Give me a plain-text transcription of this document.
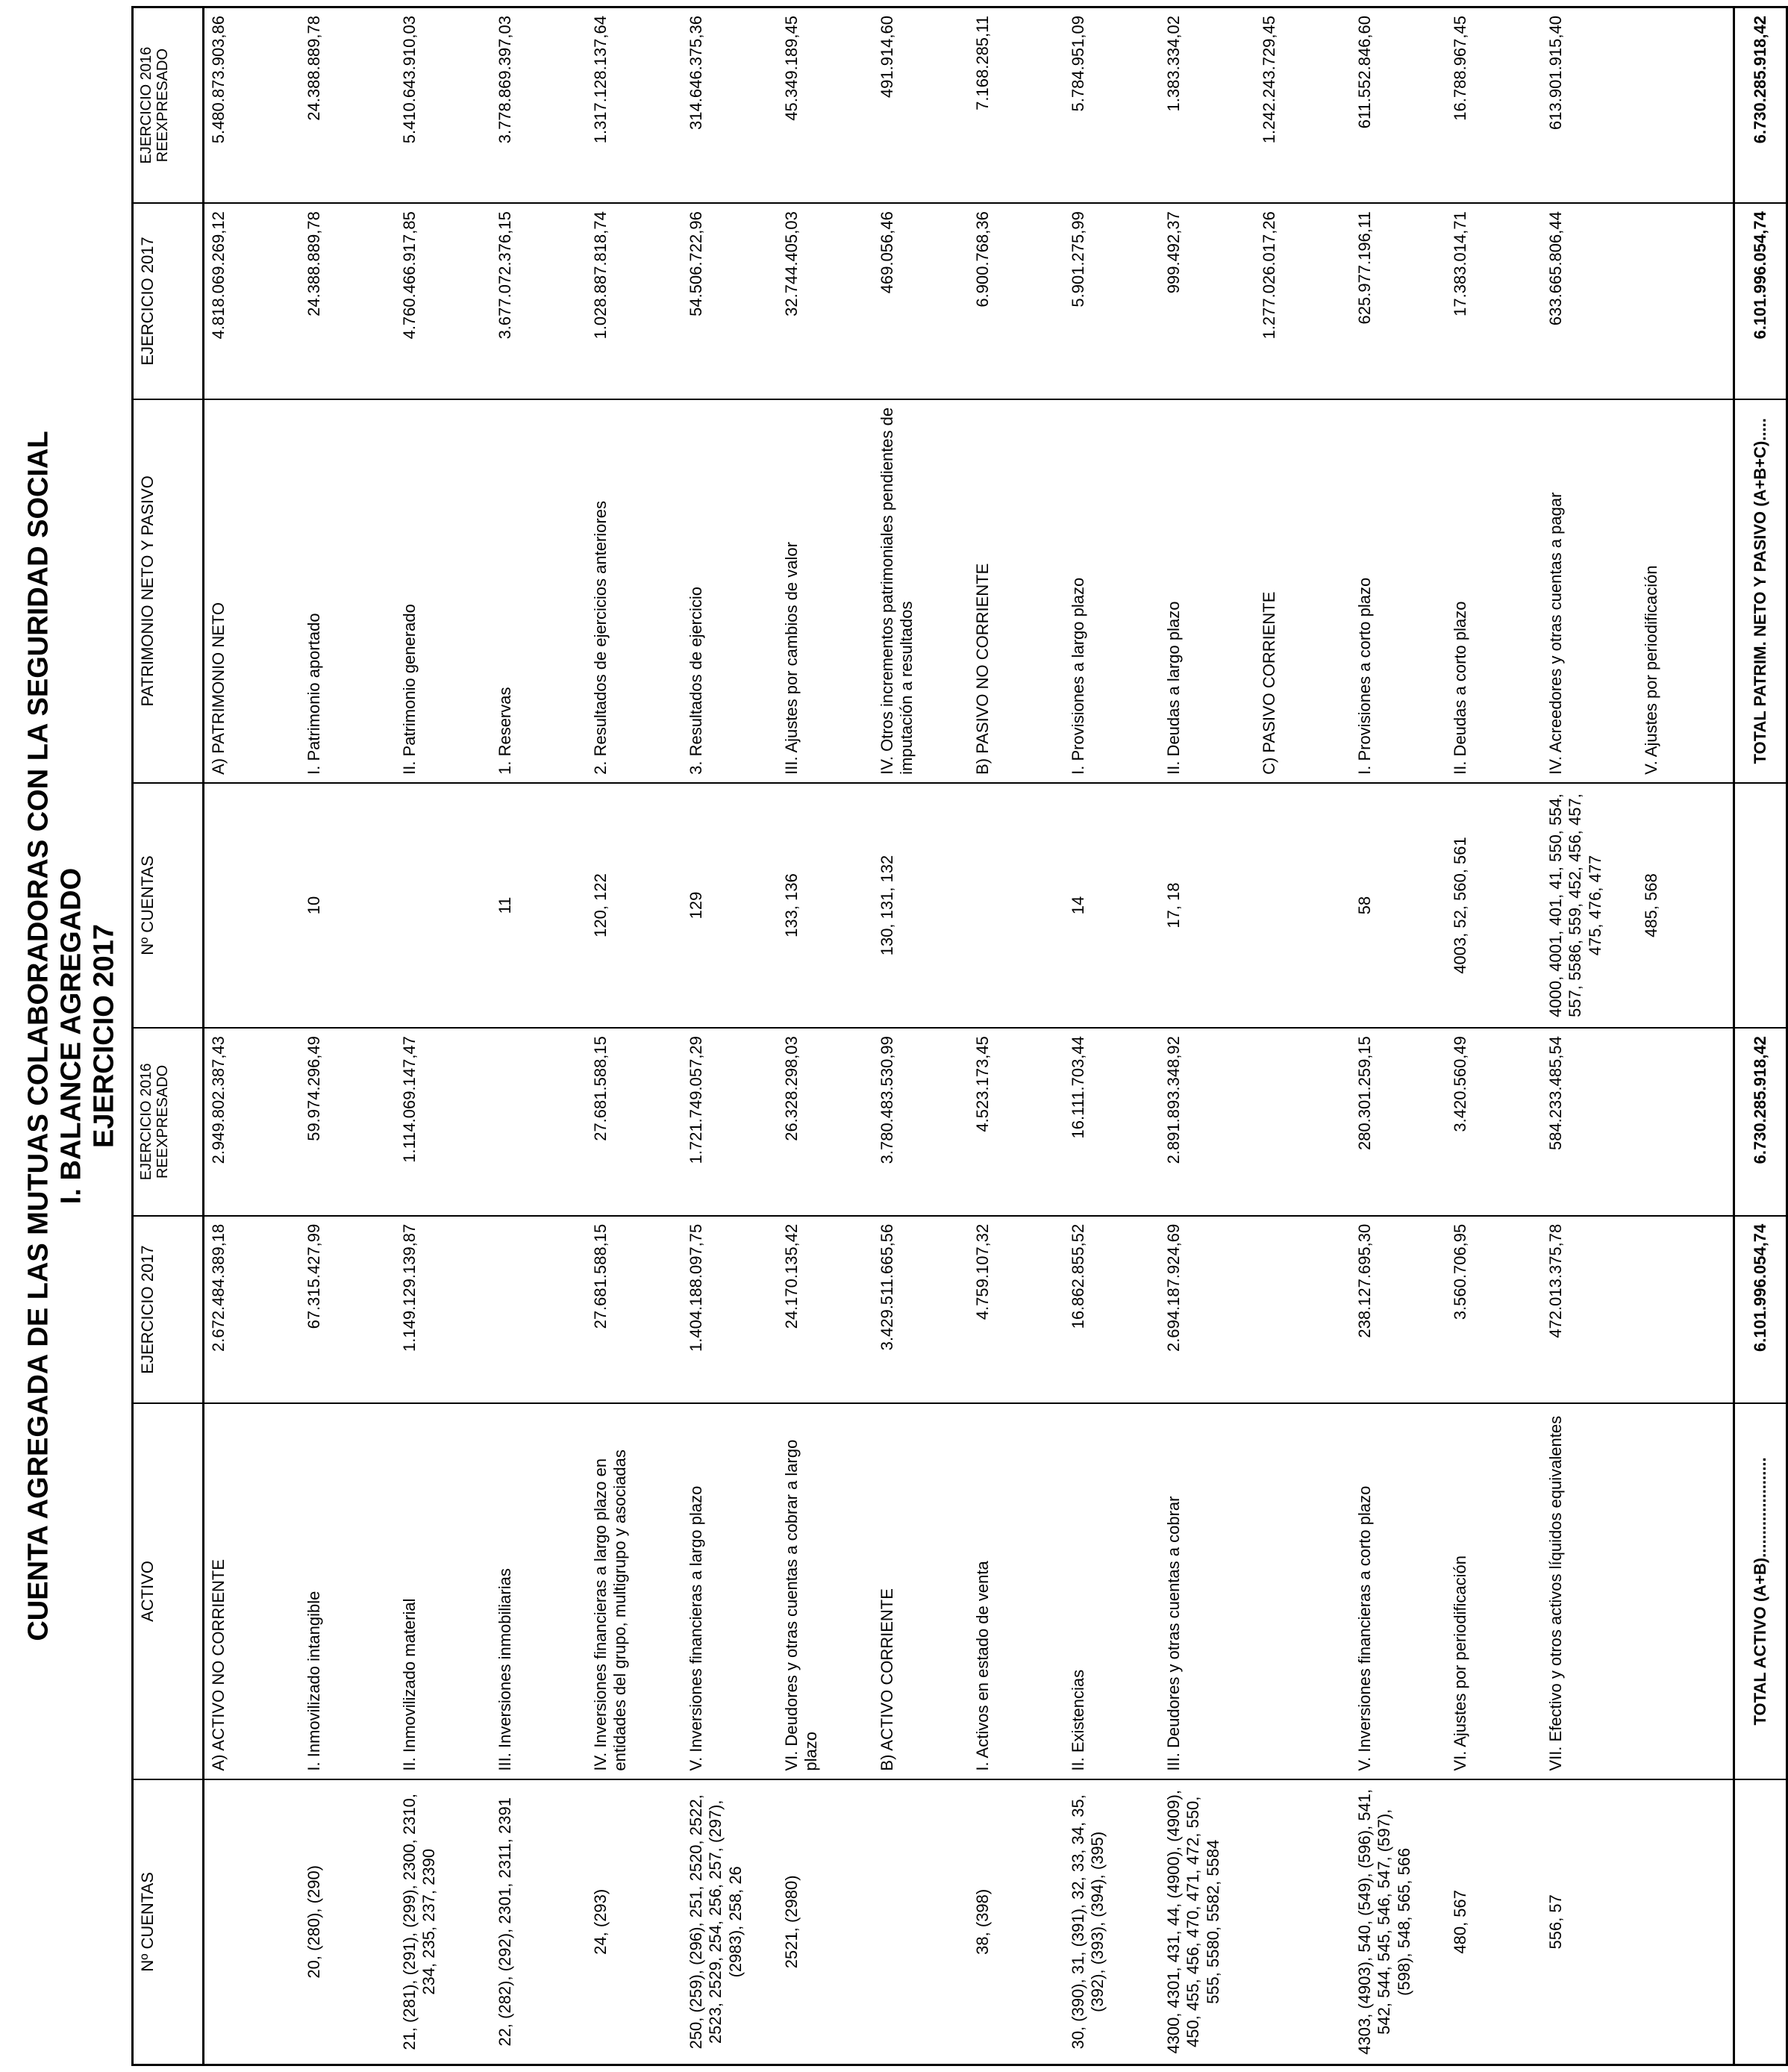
CUENTA AGREGADA DE LAS MUTUAS COLABORADORAS CON LA SEGURIDAD SOCIAL I. BALANCE AGREGADO EJERCICIO 2017
Nº CUENTAS	ACTIVO	EJERCICIO 2017	EJERCICIO 2016
REEXPRESADO	Nº CUENTAS	PATRIMONIO NETO Y PASIVO	EJERCICIO 2017	EJERCICIO 2016
REEXPRESADO
	A) ACTIVO NO CORRIENTE	2.672.484.389,18	2.949.802.387,43		A) PATRIMONIO NETO	4.818.069.269,12	5.480.873.903,86
20, (280), (290)	I. Inmovilizado intangible	67.315.427,99	59.974.296,49	10	I. Patrimonio aportado	24.388.889,78	24.388.889,78
21, (281), (291), (299), 2300, 2310, 234, 235, 237, 2390	II. Inmovilizado material	1.149.129.139,87	1.114.069.147,47		II. Patrimonio generado	4.760.466.917,85	5.410.643.910,03
22, (282), (292), 2301, 2311, 2391	III. Inversiones inmobiliarias			11	1. Reservas	3.677.072.376,15	3.778.869.397,03
24, (293)	IV. Inversiones financieras a largo plazo en entidades del grupo, multigrupo y asociadas	27.681.588,15	27.681.588,15	120, 122	2. Resultados de ejercicios anteriores	1.028.887.818,74	1.317.128.137,64
250, (259), (296), 251, 2520, 2522, 2523, 2529, 254, 256, 257, (297), (2983), 258, 26	V. Inversiones financieras a largo plazo	1.404.188.097,75	1.721.749.057,29	129	3. Resultados de ejercicio	54.506.722,96	314.646.375,36
2521, (2980)	VI. Deudores y otras cuentas a cobrar a largo plazo	24.170.135,42	26.328.298,03	133, 136	III. Ajustes por cambios de valor	32.744.405,03	45.349.189,45
	B) ACTIVO CORRIENTE	3.429.511.665,56	3.780.483.530,99	130, 131, 132	IV. Otros incrementos patrimoniales pendientes de imputación a resultados	469.056,46	491.914,60
38, (398)	I. Activos en estado de venta	4.759.107,32	4.523.173,45		B) PASIVO NO CORRIENTE	6.900.768,36	7.168.285,11
30, (390), 31, (391), 32, 33, 34, 35, (392), (393), (394), (395)	II. Existencias	16.862.855,52	16.111.703,44	14	I. Provisiones a largo plazo	5.901.275,99	5.784.951,09
4300, 4301, 431, 44, (4900), (4909), 450, 455, 456, 470, 471, 472, 550, 555, 5580, 5582, 5584	III. Deudores y otras cuentas a cobrar	2.694.187.924,69	2.891.893.348,92	17, 18	II. Deudas a largo plazo	999.492,37	1.383.334,02
					C) PASIVO CORRIENTE	1.277.026.017,26	1.242.243.729,45
4303, (4903), 540, (549), (596), 541, 542, 544, 545, 546, 547, (597), (598), 548, 565, 566	V. Inversiones financieras a corto plazo	238.127.695,30	280.301.259,15	58	I. Provisiones a corto plazo	625.977.196,11	611.552.846,60
480, 567	VI. Ajustes por periodificación	3.560.706,95	3.420.560,49	4003, 52, 560, 561	II. Deudas a corto plazo	17.383.014,71	16.788.967,45
556, 57	VII. Efectivo y otros activos líquidos equivalentes	472.013.375,78	584.233.485,54	4000, 4001, 401, 41, 550, 554, 557, 5586, 559, 452, 456, 457, 475, 476, 477	IV. Acreedores y otras cuentas a pagar	633.665.806,44	613.901.915,40
				485, 568	V. Ajustes por periodificación		
	TOTAL ACTIVO (A+B)......................	6.101.996.054,74	6.730.285.918,42		TOTAL PATRIM. NETO Y PASIVO (A+B+C).....	6.101.996.054,74	6.730.285.918,42
